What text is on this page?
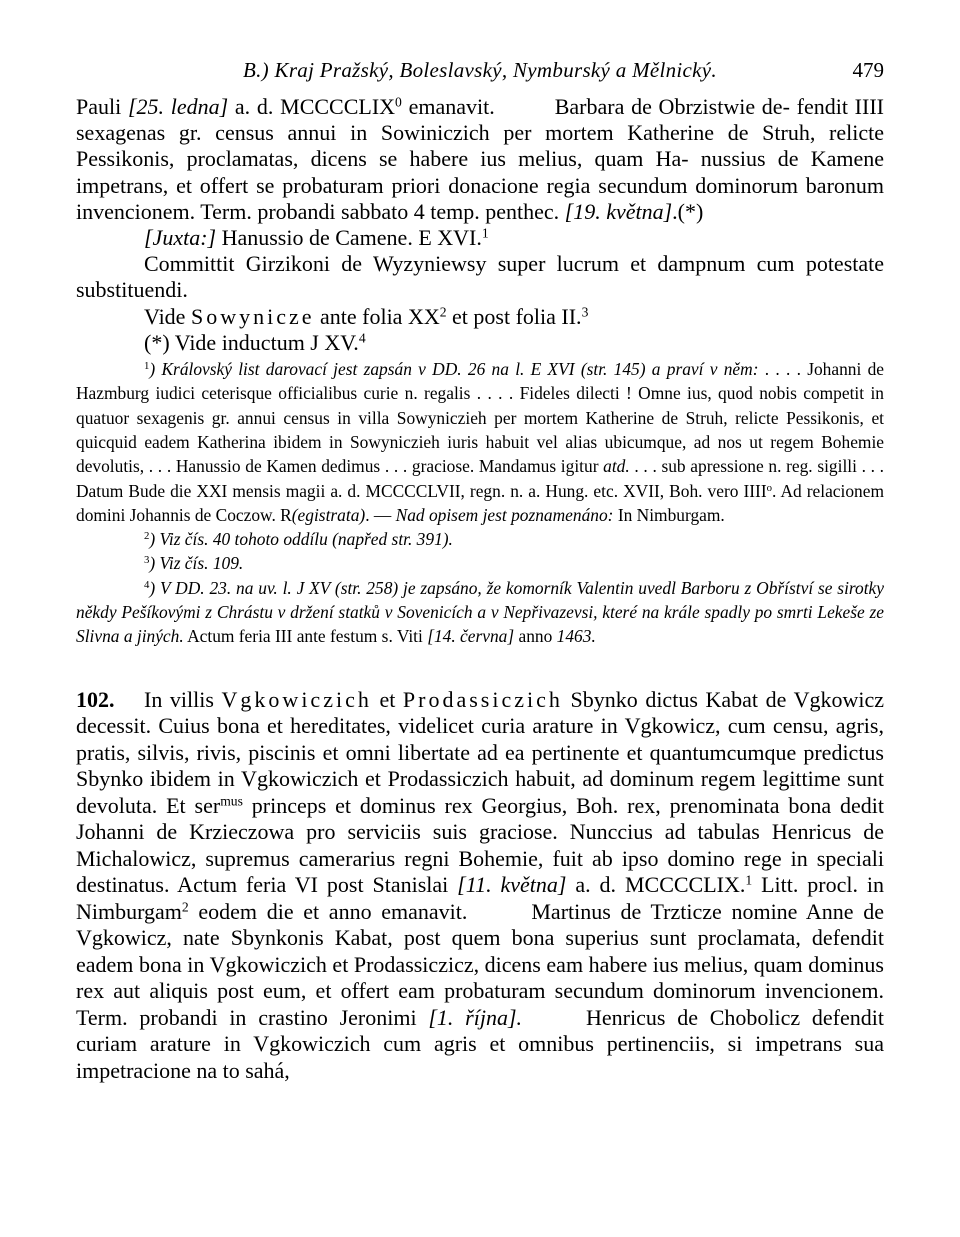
B.) Kraj Pražský, Boleslavský, Nymburský a Mělnický.	479

Pauli [25. ledna] a. d. MCCCCLIX$^0$ emanavit.	Barbara de Obrzistwie de- fendit IIII sexagenas gr. census annui in Sowiniczich per mortem Katherine de Struh, relicte Pessikonis, proclamatas, dicens se habere ius melius, quam Ha- nussius de Kamene impetrans, et offert se probaturam priori donacione regia secundum dominorum baronum invencionem. Term. probandi sabbato 4 temp. penthec. [19. května].(*)

[Juxta:] Hanussio de Camene. E XVI.$^1$

Committit Girzikoni de Wyzyniewsy super lucrum et dampnum cum potestate substituendi.

Vide Sowynicze ante folia $XX^2$ et post folia II.$^3$

(*) Vide inductum J XV.$^4$

$^1$) Královský list darovací jest zapsán v DD. 26 na l. E XVI (str. 145) a praví v něm: . . . . Johanni de Hazmburg iudici ceterisque officialibus curie n. regalis . . . . Fideles dilecti ! Omne ius, quod nobis competit in quatuor sexagenis gr. annui census in villa Sowyniczieh per mortem Katherine de Struh, relicte Pessikonis, et quicquid eadem Katherina ibidem in Sowyniczieh iuris habuit vel alias ubicumque, ad nos ut regem Bohemie devolutis, . . . Hanussio de Kamen dedimus . . . graciose. Mandamus igitur atd. . . . sub apressione n. reg. sigilli . . . Datum Bude die XXI mensis magii a. d. MCCCCLVII, regn. n. a. Hung. etc. XVII, Boh. vero IIII$^o$. Ad relacionem domini Johannis de Coczow. R(egistrata). — Nad opisem jest poznamenáno: In Nimburgam.

$^2$) Viz čís. 40 tohoto oddílu (napřed str. 391).

$^3$) Viz čís. 109.

$^4$) V DD. 23. na uv. l. J XV (str. 258) je zapsáno, že komorník Valentin uvedl Barboru z Obříství se sirotky někdy Pešíkovými z Chrástu v držení statků v Sovenicích a v Nepřivazevsi, které na krále spadly po smrti Lekeše ze Slivna a jiných. Actum feria III ante festum s. Viti [14. června] anno 1463.

102. In villis Vgkowiczich et Prodassiczich Sbynko dictus Kabat de Vgkowicz decessit. Cuius bona et hereditates, videlicet curia arature in Vgkowicz, cum censu, agris, pratis, silvis, rivis, piscinis et omni libertate ad ea pertinente et quantumcumque predictus Sbynko ibidem in Vgkowiczich et Prodassiczich habuit, ad dominum regem legittime sunt devoluta. Et ser$^{mus}$ princeps et dominus rex Georgius, Boh. rex, prenominata bona dedit Johanni de Krzieczowa pro serviciis suis graciose. Nunccius ad tabulas Henricus de Michalowicz, supremus camerarius regni Bohemie, fuit ab ipso domino rege in speciali destinatus. Actum feria VI post Stanislai [11. května] a. d. MCCCCLIX.$^1$ Litt. procl. in Nimburgam$^2$ eodem die et anno emanavit.	Martinus de Trzticze nomine Anne de Vgkowicz, nate Sbynkonis Kabat, post quem bona superius sunt proclamata, defendit eadem bona in Vgkowiczich et Prodassiczicz, dicens eam habere ius melius, quam dominus rex aut aliquis post eum, et offert eam probaturam secundum dominorum invencionem. Term. probandi in crastino Jeronimi [1. října].	Henricus de Chobolicz defendit curiam arature in Vgkowiczich cum agris et omnibus pertinenciis, si impetrans sua impetracione na to sahá,
